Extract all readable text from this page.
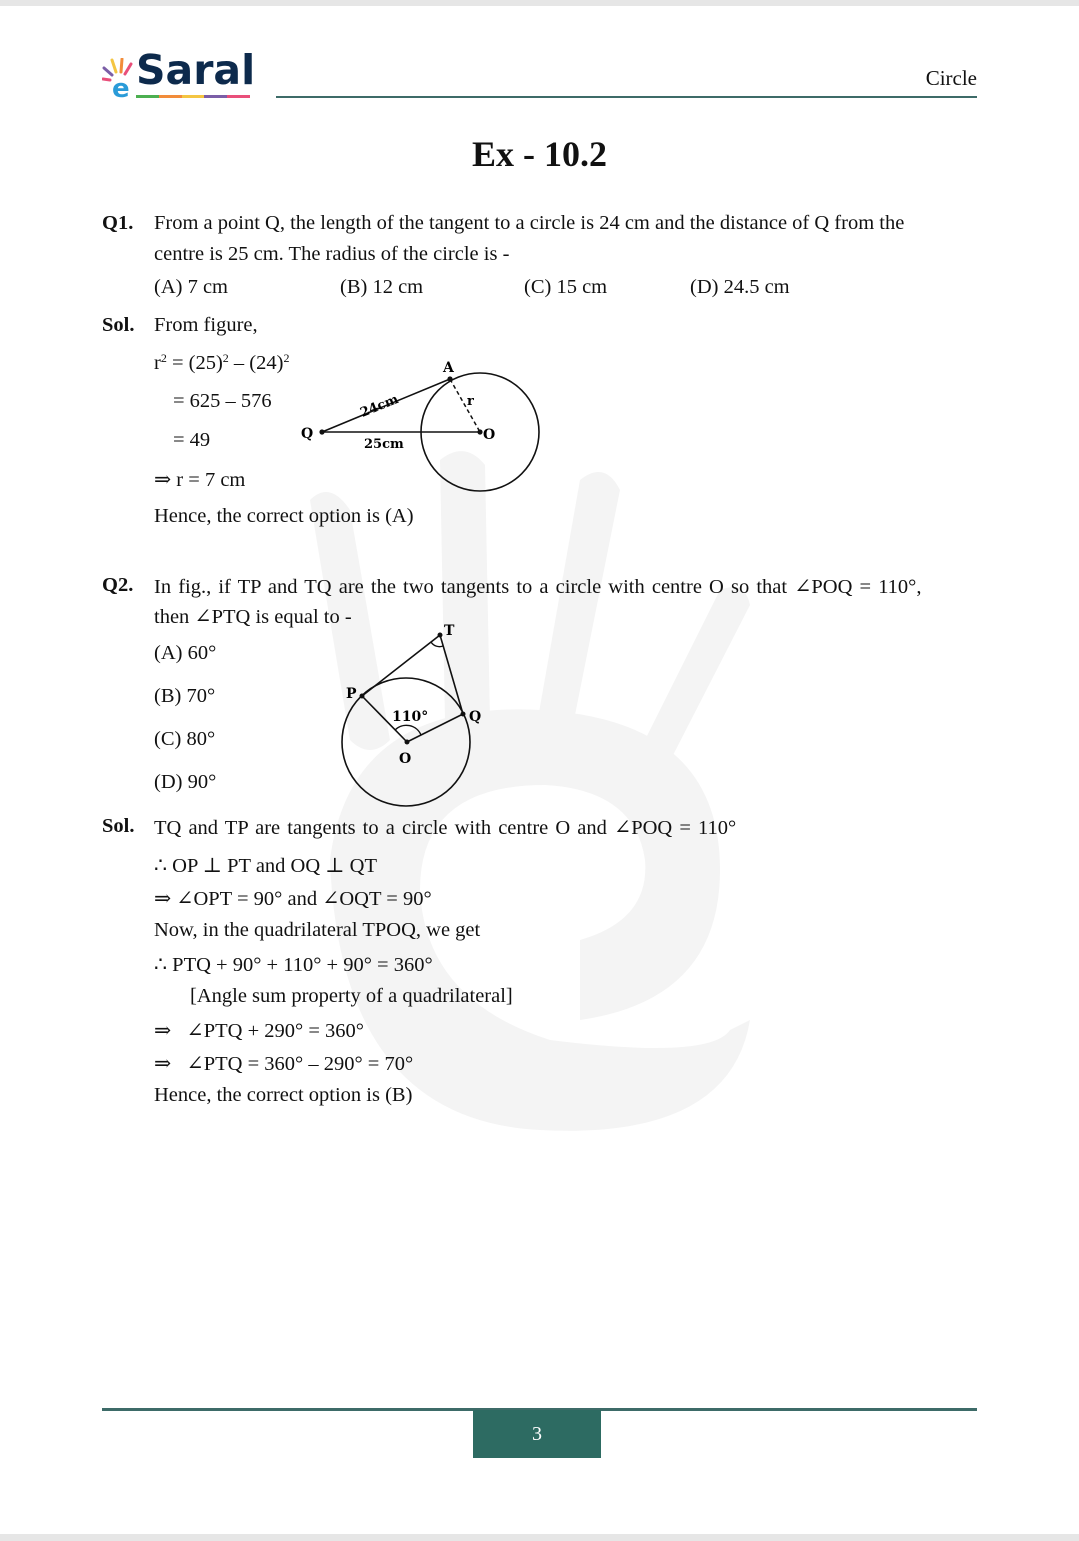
e Saral	Circle
Ex - 10.2
Q1. From a point Q, the length of the tangent to a circle is 24 cm and the distance of Q from the
centre is 25 cm. The radius of the circle is -
(A) 7 cm	(B) 12 cm	(C) 15 cm	(D) 24.5 cm
Sol. From figure,
$r^2 = (25)^2 - (24)^2$
= 625 – 576
= 49
⇒ r = 7 cm
Hence, the correct option is (A)
A
Q	O
r
24cm
25cm
Q2. In fig., if TP and TQ are the two tangents to a circle with centre O so that ∠POQ = 110°,
then ∠PTQ is equal to -
(A) 60°
(B) 70°
(C) 80°
(D) 90°
T
P
Q
O
110°
Sol. TQ and TP are tangents to a circle with centre O and ∠POQ = 110°
∴ OP ⊥ PT and OQ ⊥ QT
⇒ ∠OPT = 90° and ∠OQT = 90°
Now, in the quadrilateral TPOQ, we get
∴ PTQ + 90° + 110° + 90° = 360°
[Angle sum property of a quadrilateral]
⇒   ∠PTQ + 290° = 360°
⇒   ∠PTQ = 360° – 290° = 70°
Hence, the correct option is (B)
3
